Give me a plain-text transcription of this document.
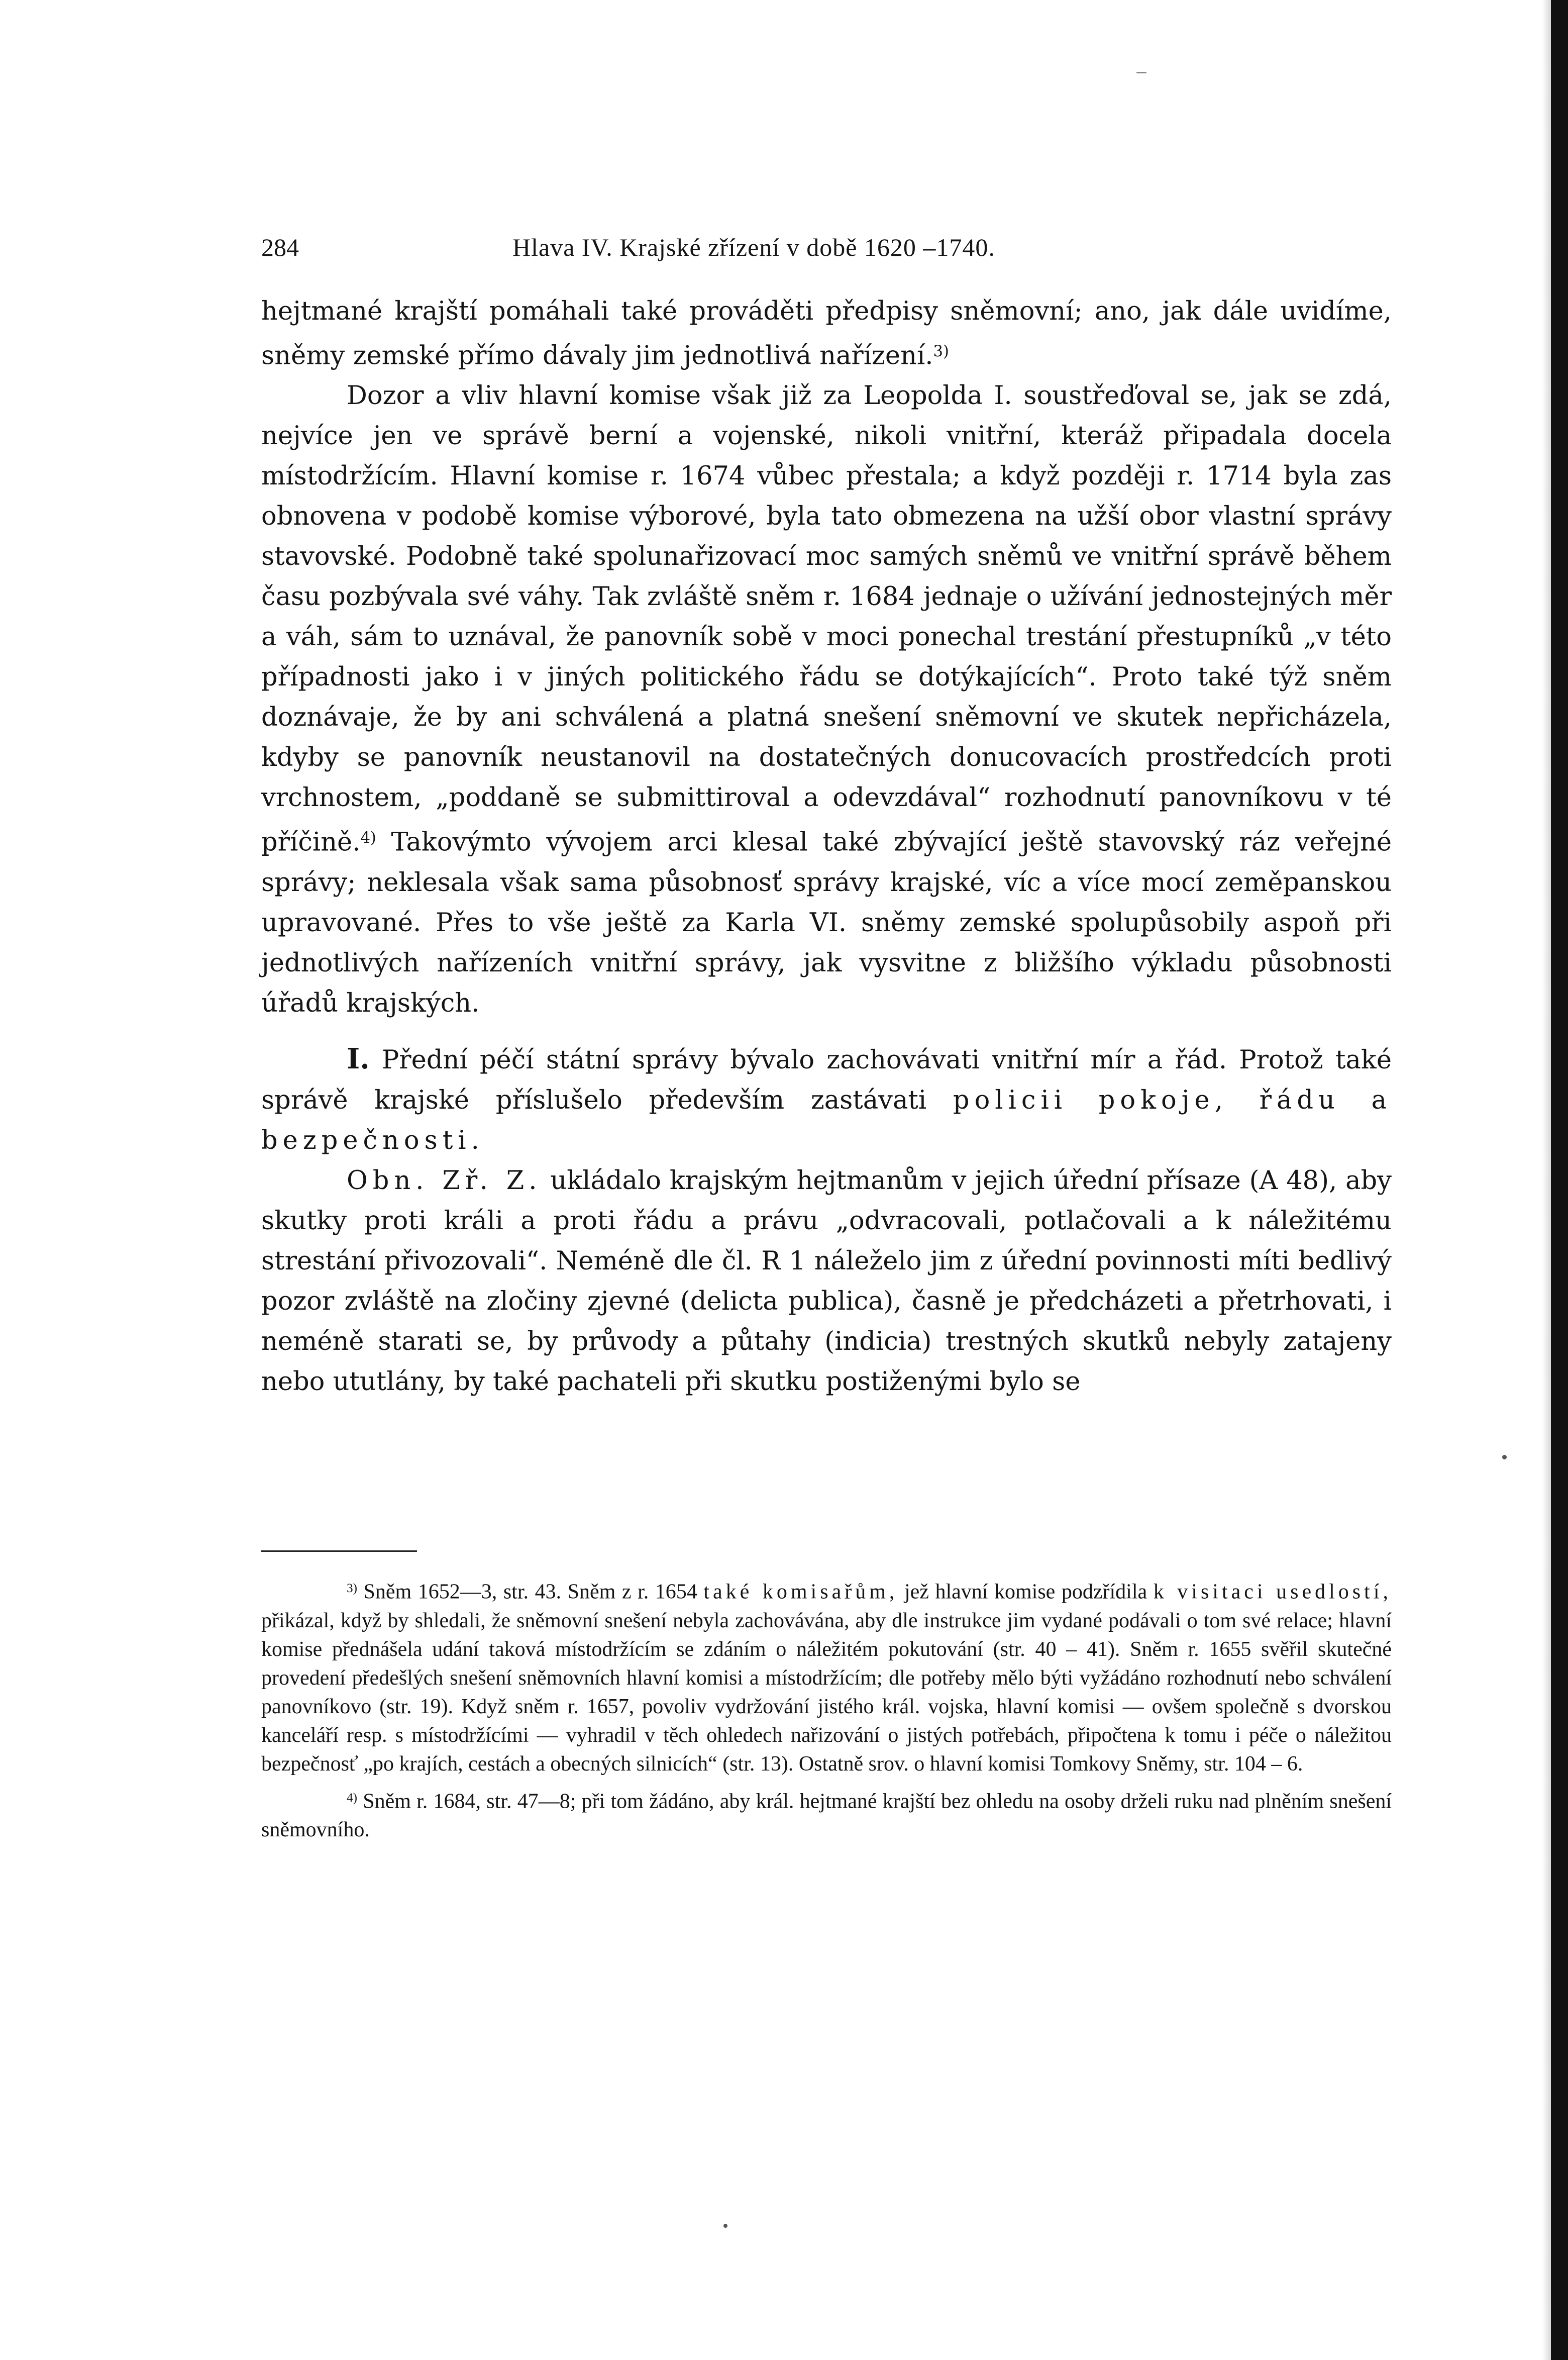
284	Hlava IV. Krajské zřízení v době 1620 –1740.

hejtmané krajští pomáhali také prováděti předpisy sněmovní; ano, jak dále uvidíme, sněmy zemské přímo dávaly jim jednotlivá nařízení.$^{3)}$

Dozor a vliv hlavní komise však již za Leopolda I. soustřeďoval se, jak se zdá, nejvíce jen ve správě berní a vojenské, nikoli vnitřní, kteráž připadala docela místodržícím. Hlavní komise r. 1674 vůbec přestala; a když později r. 1714 byla zas obnovena v podobě komise výborové, byla tato obmezena na užší obor vlastní správy stavovské. Podobně také spolunařizovací moc samých sněmů ve vnitřní správě během času pozbývala své váhy. Tak zvláště sněm r. 1684 jednaje o užívání jednostejných měr a váh, sám to uznával, že panovník sobě v moci ponechal trestání přestupníků „v této případnosti jako i v jiných politického řádu se dotýkajících“. Proto také týž sněm doznávaje, že by ani schválená a platná snešení sněmovní ve skutek nepřicházela, kdyby se panovník neustanovil na dostatečných donucovacích prostředcích proti vrchnostem, „poddaně se submittiroval a odevzdával“ rozhodnutí panovníkovu v té příčině.$^{4)}$ Takovýmto vývojem arci klesal také zbývající ještě stavovský ráz veřejné správy; neklesala však sama působnosť správy krajské, víc a více mocí zeměpanskou upravované. Přes to vše ještě za Karla VI. sněmy zemské spolupůsobily aspoň při jednotlivých nařízeních vnitřní správy, jak vysvitne z bližšího výkladu působnosti úřadů krajských.

I. Přední péčí státní správy bývalo zachovávati vnitřní mír a řád. Protož také správě krajské příslušelo především zastávati policii pokoje, řádu a bezpečnosti.

Obn. Zř. Z. ukládalo krajským hejtmanům v jejich úřední přísaze (A 48), aby skutky proti králi a proti řádu a právu „odvracovali, potlačovali a k náležitému strestání přivozovali“. Neméně dle čl. R 1 náleželo jim z úřední povinnosti míti bedlivý pozor zvláště na zločiny zjevné (delicta publica), časně je předcházeti a přetrhovati, i neméně starati se, by průvody a půtahy (indicia) trestných skutků nebyly zatajeny nebo ututlány, by také pachateli při skutku postiženými bylo se

$^{3)}$ Sněm 1652—3, str. 43. Sněm z r. 1654 také komisařům, jež hlavní komise podzřídila k visitaci usedlostí, přikázal, když by shledali, že sněmovní snešení nebyla zachovávána, aby dle instrukce jim vydané podávali o tom své relace; hlavní komise přednášela udání taková místodržícím se zdáním o náležitém pokutování (str. 40 – 41). Sněm r. 1655 svěřil skutečné provedení předešlých snešení sněmovních hlavní komisi a místodržícím; dle potřeby mělo býti vyžádáno rozhodnutí nebo schválení panovníkovo (str. 19). Když sněm r. 1657, povoliv vydržování jistého král. vojska, hlavní komisi — ovšem společně s dvorskou kanceláří resp. s místodržícími — vyhradil v těch ohledech nařizování o jistých potřebách, připočtena k tomu i péče o náležitou bezpečnosť „po krajích, cestách a obecných silnicích“ (str. 13). Ostatně srov. o hlavní komisi Tomkovy Sněmy, str. 104 – 6.

$^{4)}$ Sněm r. 1684, str. 47—8; při tom žádáno, aby král. hejtmané krajští bez ohledu na osoby drželi ruku nad plněním snešení sněmovního.
